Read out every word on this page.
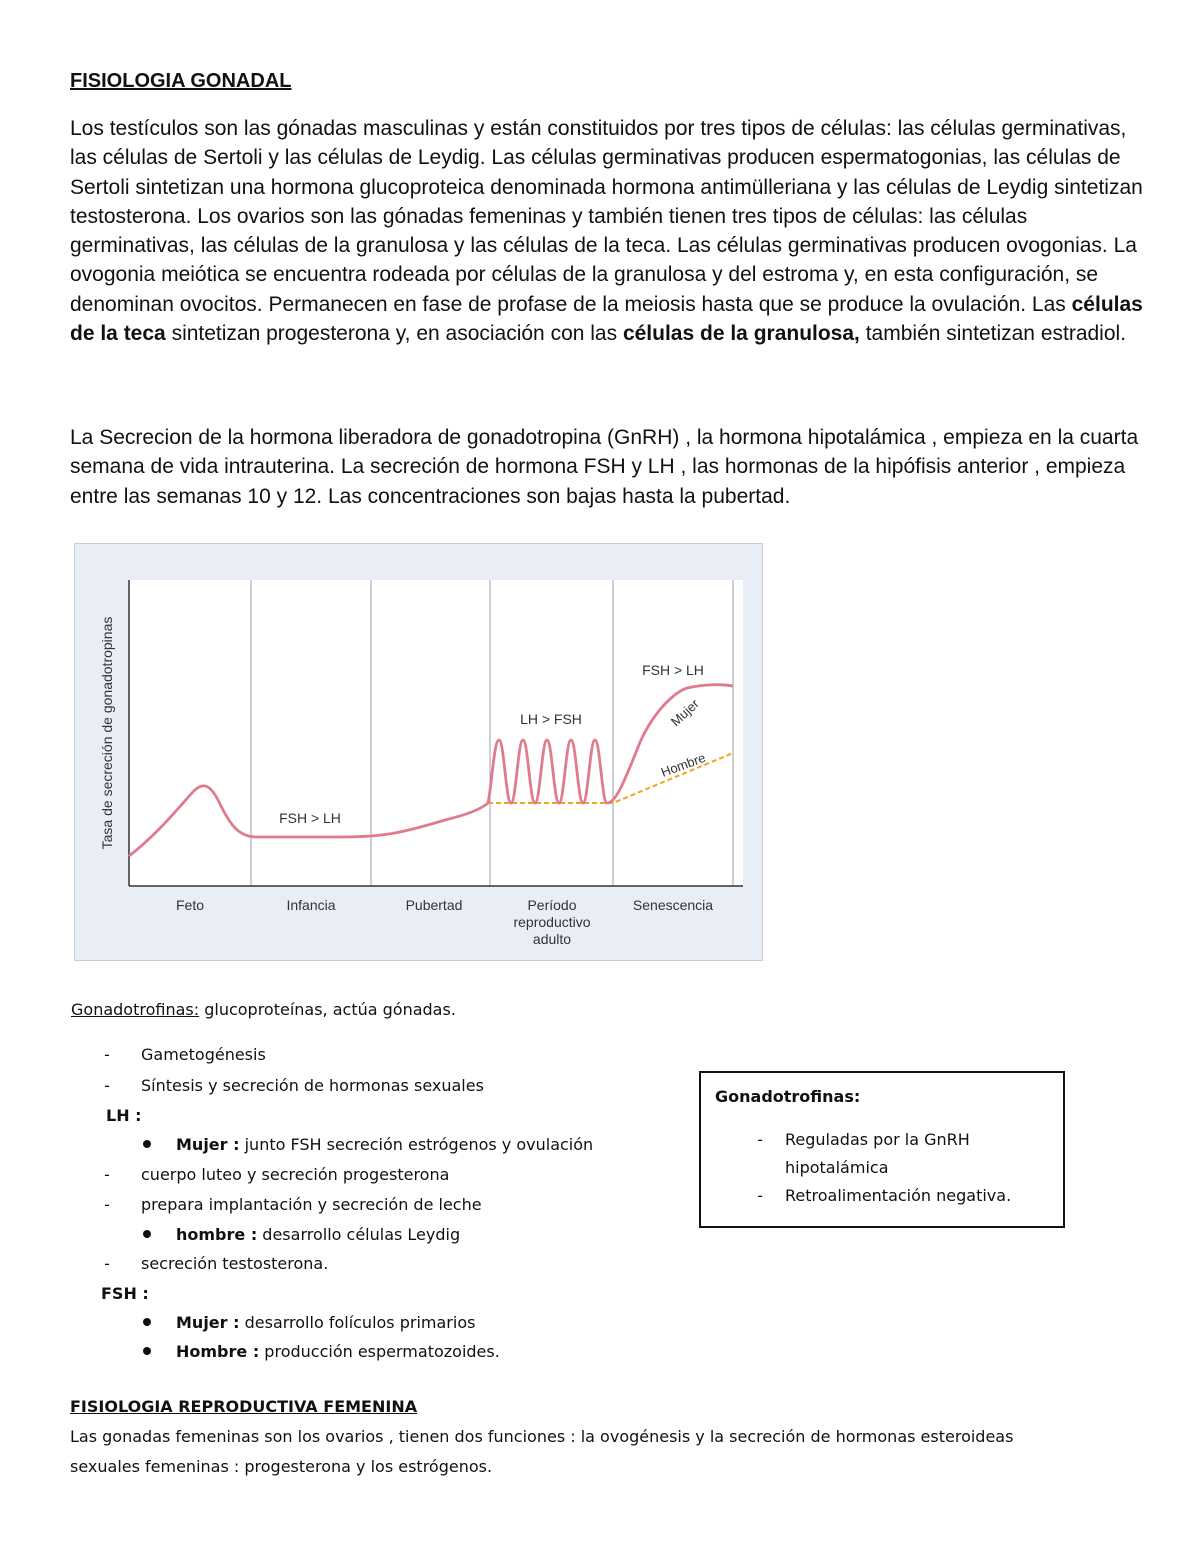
FISIOLOGIA GONADAL

Los testículos son las gónadas masculinas y están constituidos por tres tipos de células: las células germinativas, las células de Sertoli y las células de Leydig. Las células germinativas producen espermatogonias, las células de Sertoli sintetizan una hormona glucoproteica denominada hormona antimülleriana y las células de Leydig sintetizan testosterona. Los ovarios son las gónadas femeninas y también tienen tres tipos de células: las células germinativas, las células de la granulosa y las células de la teca. Las células germinativas producen ovogonias. La ovogonia meiótica se encuentra rodeada por células de la granulosa y del estroma y, en esta configuración, se denominan ovocitos. Permanecen en fase de profase de la meiosis hasta que se produce la ovulación. Las células de la teca sintetizan progesterona y, en asociación con las células de la granulosa, también sintetizan estradiol.

La Secrecion de la hormona liberadora de gonadotropina (GnRH) , la hormona hipotalámica , empieza en la cuarta semana de vida intrauterina. La secreción de hormona FSH y LH , las hormonas de la hipófisis anterior , empieza entre las semanas 10 y 12. Las concentraciones son bajas hasta la pubertad.

Tasa de secreción de gonadotropinas
Feto	Infancia	Pubertad	Período reproductivo adulto
Senescencia
FSH > LH
LH > FSH
FSH > LH
Mujer
Hombre

Gonadotrofinas: glucoproteínas, actúa gónadas.

- Gametogénesis

- Síntesis y secreción de hormonas sexuales

LH :

Mujer : junto FSH secreción estrógenos y ovulación

- cuerpo luteo y secreción progesterona

- prepara implantación y secreción de leche

hombre : desarrollo células Leydig

- secreción testosterona.

FSH :

Mujer : desarrollo folículos primarios

Hombre : producción espermatozoides.

Gonadotrofinas:

- Reguladas por la GnRH

hipotalámica

- Retroalimentación negativa.

FISIOLOGIA REPRODUCTIVA FEMENINA

Las gonadas femeninas son los ovarios , tienen dos funciones : la ovogénesis y la secreción de hormonas esteroideas

sexuales femeninas : progesterona y los estrógenos.
